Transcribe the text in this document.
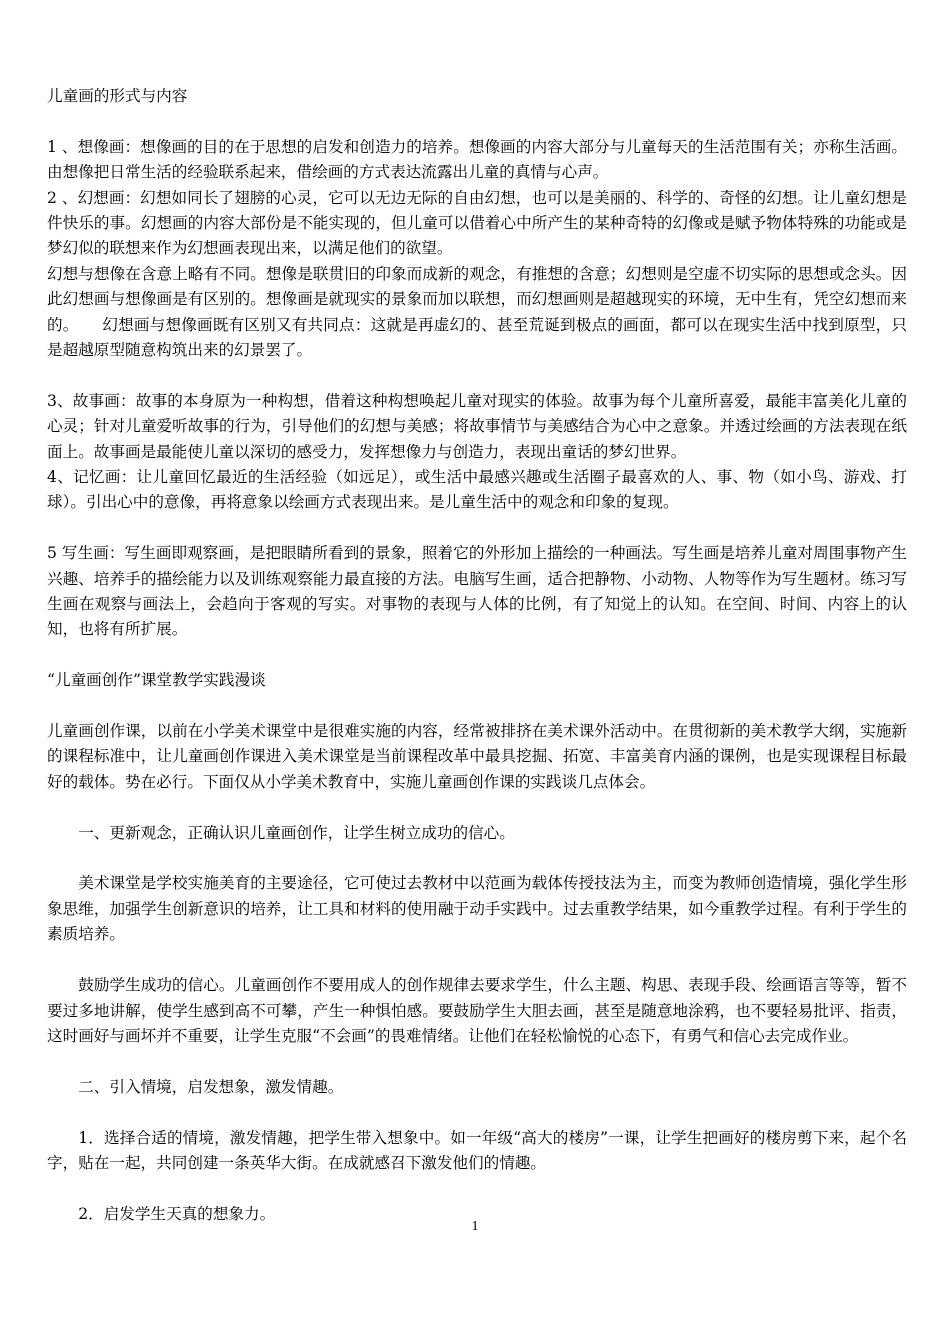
儿童画的形式与内容

1 、想像画：想像画的目的在于思想的启发和创造力的培养。想像画的内容大部分与儿童每天的生活范围有关；亦称生活画。由想像把日常生活的经验联系起来，借绘画的方式表达流露出儿童的真情与心声。

2 、幻想画：幻想如同长了翅膀的心灵，它可以无边无际的自由幻想，也可以是美丽的、科学的、奇怪的幻想。让儿童幻想是件快乐的事。幻想画的内容大部份是不能实现的，但儿童可以借着心中所产生的某种奇特的幻像或是赋予物体特殊的功能或是梦幻似的联想来作为幻想画表现出来，以满足他们的欲望。

幻想与想像在含意上略有不同。想像是联贯旧的印象而成新的观念，有推想的含意；幻想则是空虚不切实际的思想或念头。因此幻想画与想像画是有区别的。想像画是就现实的景象而加以联想，而幻想画则是超越现实的环境，无中生有，凭空幻想而来的。　　幻想画与想像画既有区别又有共同点：这就是再虚幻的、甚至荒诞到极点的画面，都可以在现实生活中找到原型，只是超越原型随意构筑出来的幻景罢了。

3、故事画：故事的本身原为一种构想，借着这种构想唤起儿童对现实的体验。故事为每个儿童所喜爱，最能丰富美化儿童的心灵；针对儿童爱听故事的行为，引导他们的幻想与美感；将故事情节与美感结合为心中之意象。并透过绘画的方法表现在纸面上。故事画是最能使儿童以深切的感受力，发挥想像力与创造力，表现出童话的梦幻世界。

4、记忆画：让儿童回忆最近的生活经验（如远足），或生活中最感兴趣或生活圈子最喜欢的人、事、物（如小鸟、游戏、打球）。引出心中的意像，再将意象以绘画方式表现出来。是儿童生活中的观念和印象的复现。

5 写生画：写生画即观察画，是把眼睛所看到的景象，照着它的外形加上描绘的一种画法。写生画是培养儿童对周围事物产生兴趣、培养手的描绘能力以及训练观察能力最直接的方法。电脑写生画，适合把静物、小动物、人物等作为写生题材。练习写生画在观察与画法上，会趋向于客观的写实。对事物的表现与人体的比例，有了知觉上的认知。在空间、时间、内容上的认知，也将有所扩展。

“儿童画创作”课堂教学实践漫谈

儿童画创作课，以前在小学美术课堂中是很难实施的内容，经常被排挤在美术课外活动中。在贯彻新的美术教学大纲，实施新的课程标准中，让儿童画创作课进入美术课堂是当前课程改革中最具挖掘、拓宽、丰富美育内涵的课例，也是实现课程目标最好的载体。势在必行。下面仅从小学美术教育中，实施儿童画创作课的实践谈几点体会。

一、更新观念，正确认识儿童画创作，让学生树立成功的信心。

美术课堂是学校实施美育的主要途径，它可使过去教材中以范画为载体传授技法为主，而变为教师创造情境，强化学生形象思维，加强学生创新意识的培养，让工具和材料的使用融于动手实践中。过去重教学结果，如今重教学过程。有利于学生的素质培养。

鼓励学生成功的信心。儿童画创作不要用成人的创作规律去要求学生，什么主题、构思、表现手段、绘画语言等等，暂不要过多地讲解，使学生感到高不可攀，产生一种惧怕感。要鼓励学生大胆去画，甚至是随意地涂鸦，也不要轻易批评、指责，这时画好与画坏并不重要，让学生克服“不会画”的畏难情绪。让他们在轻松愉悦的心态下，有勇气和信心去完成作业。

二、引入情境，启发想象，激发情趣。

1．选择合适的情境，激发情趣，把学生带入想象中。如一年级“高大的楼房”一课，让学生把画好的楼房剪下来，起个名字，贴在一起，共同创建一条英华大街。在成就感召下激发他们的情趣。

2．启发学生天真的想象力。

1
